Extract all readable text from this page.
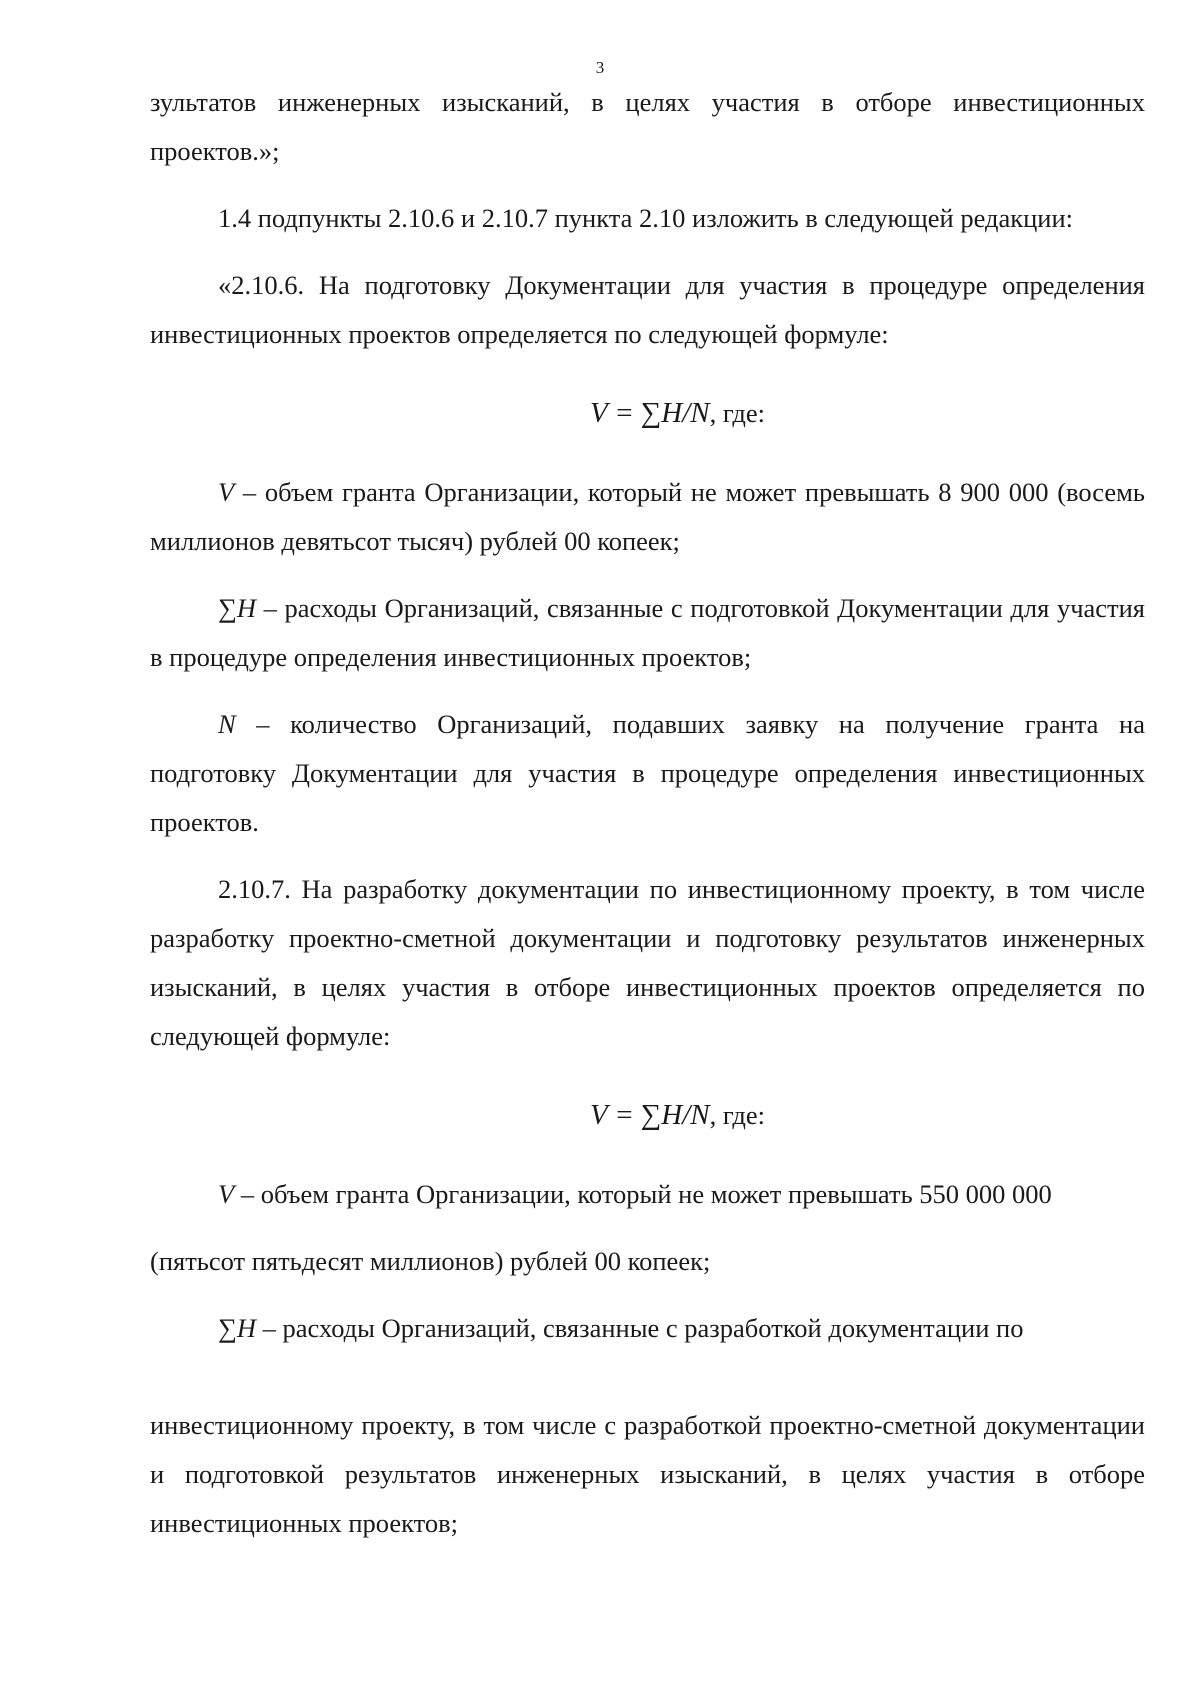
3

зультатов инженерных изысканий, в целях участия в отборе инвестиционных проектов.»;

1.4 подпункты 2.10.6 и 2.10.7 пункта 2.10 изложить в следующей редакции:

«2.10.6. На подготовку Документации для участия в процедуре определения инвестиционных проектов определяется по следующей формуле:

V = ∑H/N, где:

V – объем гранта Организации, который не может превышать 8 900 000 (восемь миллионов девятьсот тысяч) рублей 00 копеек;

∑H – расходы Организаций, связанные с подготовкой Документации для участия в процедуре определения инвестиционных проектов;

N – количество Организаций, подавших заявку на получение гранта на подготовку Документации для участия в процедуре определения инвестиционных проектов.

2.10.7. На разработку документации по инвестиционному проекту, в том числе разработку проектно-сметной документации и подготовку результатов инженерных изысканий, в целях участия в отборе инвестиционных проектов определяется по следующей формуле:

V = ∑H/N, где:

V – объем гранта Организации, который не может превышать 550 000 000

(пятьсот пятьдесят миллионов) рублей 00 копеек;

∑H – расходы Организаций, связанные с разработкой документации по

инвестиционному проекту, в том числе с разработкой проектно-сметной документации и подготовкой результатов инженерных изысканий, в целях участия в отборе инвестиционных проектов;
